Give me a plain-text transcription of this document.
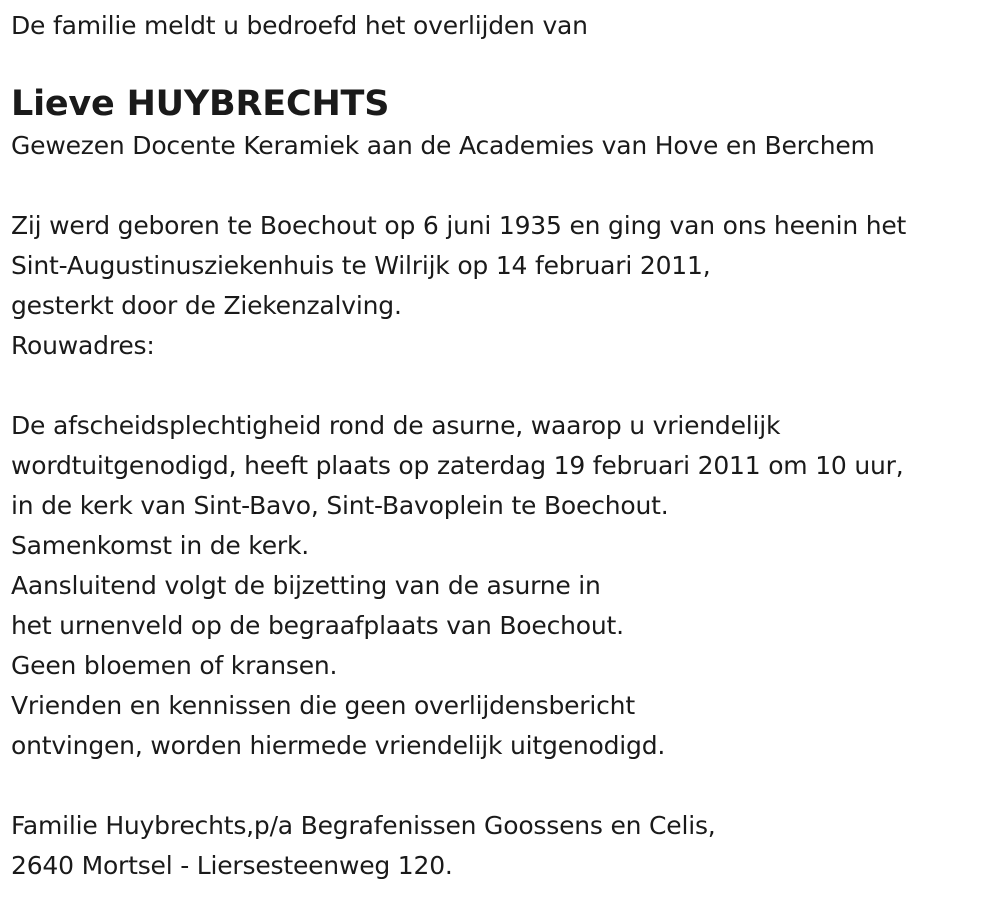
De familie meldt u bedroefd het overlijden van
Lieve HUYBRECHTS
Gewezen Docente Keramiek aan de Academies van Hove en Berchem
Zij werd geboren te Boechout op 6 juni 1935 en ging van ons heenin het
Sint-Augustinusziekenhuis te Wilrijk op 14 februari 2011,
gesterkt door de Ziekenzalving.
Rouwadres:
De afscheidsplechtigheid rond de asurne, waarop u vriendelijk
wordtuitgenodigd, heeft plaats op zaterdag 19 februari 2011 om 10 uur,
in de kerk van Sint-Bavo, Sint-Bavoplein te Boechout.
Samenkomst in de kerk.
Aansluitend volgt de bijzetting van de asurne in
het urnenveld op de begraafplaats van Boechout.
Geen bloemen of kransen.
Vrienden en kennissen die geen overlijdensbericht
ontvingen, worden hiermede vriendelijk uitgenodigd.
Familie Huybrechts,p/a Begrafenissen Goossens en Celis,
2640 Mortsel - Liersesteenweg 120.
